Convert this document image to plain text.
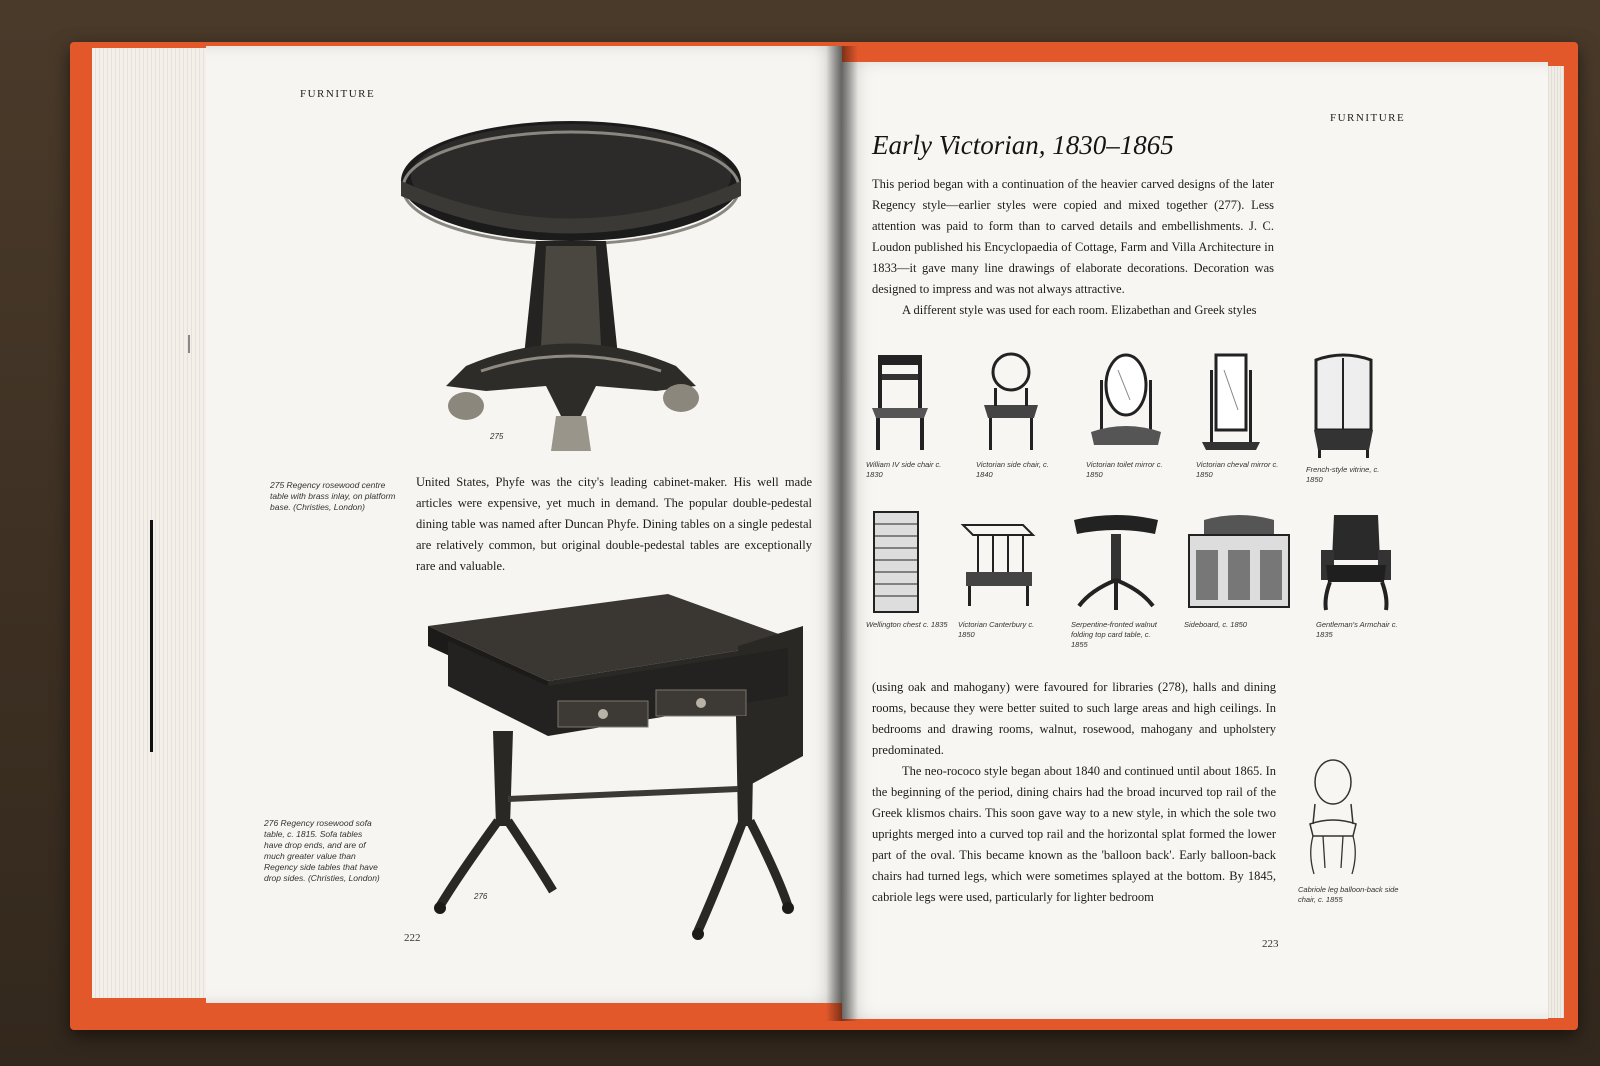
FURNITURE
275
275 Regency rosewood centre table with brass inlay, on platform base. (Christies, London)

United States, Phyfe was the city's leading cabinet-maker. His well made articles were expensive, yet much in demand. The popular double-pedestal dining table was named after Duncan Phyfe. Dining tables on a single pedestal are relatively common, but original double-pedestal tables are exceptionally rare and valuable.

276
276 Regency rosewood sofa table, c. 1815. Sofa tables have drop ends, and are of much greater value than Regency side tables that have drop sides. (Christies, London)
222
FURNITURE
Early Victorian, 1830–1865

This period began with a continuation of the heavier carved designs of the later Regency style—earlier styles were copied and mixed together (277). Less attention was paid to form than to carved details and embellishments. J. C. Loudon published his Encyclopaedia of Cottage, Farm and Villa Architecture in 1833—it gave many line drawings of elaborate decorations. Decoration was designed to impress and was not always attractive.

A different style was used for each room. Elizabethan and Greek styles

William IV side chair c. 1830
Victorian side chair, c. 1840
Victorian toilet mirror c. 1850
Victorian cheval mirror c. 1850
French-style vitrine, c. 1850
Wellington chest c. 1835	Victorian Canterbury c. 1850
Serpentine-fronted walnut folding top card table, c. 1855
Sideboard, c. 1850	Gentleman's Armchair c. 1835

(using oak and mahogany) were favoured for libraries (278), halls and dining rooms, because they were better suited to such large areas and high ceilings. In bedrooms and drawing rooms, walnut, rosewood, mahogany and upholstery predominated.

The neo-rococo style began about 1840 and continued until about 1865. In the beginning of the period, dining chairs had the broad incurved top rail of the Greek klismos chairs. This soon gave way to a new style, in which the sole two uprights merged into a curved top rail and the horizontal splat formed the lower part of the oval. This became known as the 'balloon back'. Early balloon-back chairs had turned legs, which were sometimes splayed at the bottom. By 1845, cabriole legs were used, particularly for lighter bedroom

Cabriole leg balloon-back side chair, c. 1855
223
